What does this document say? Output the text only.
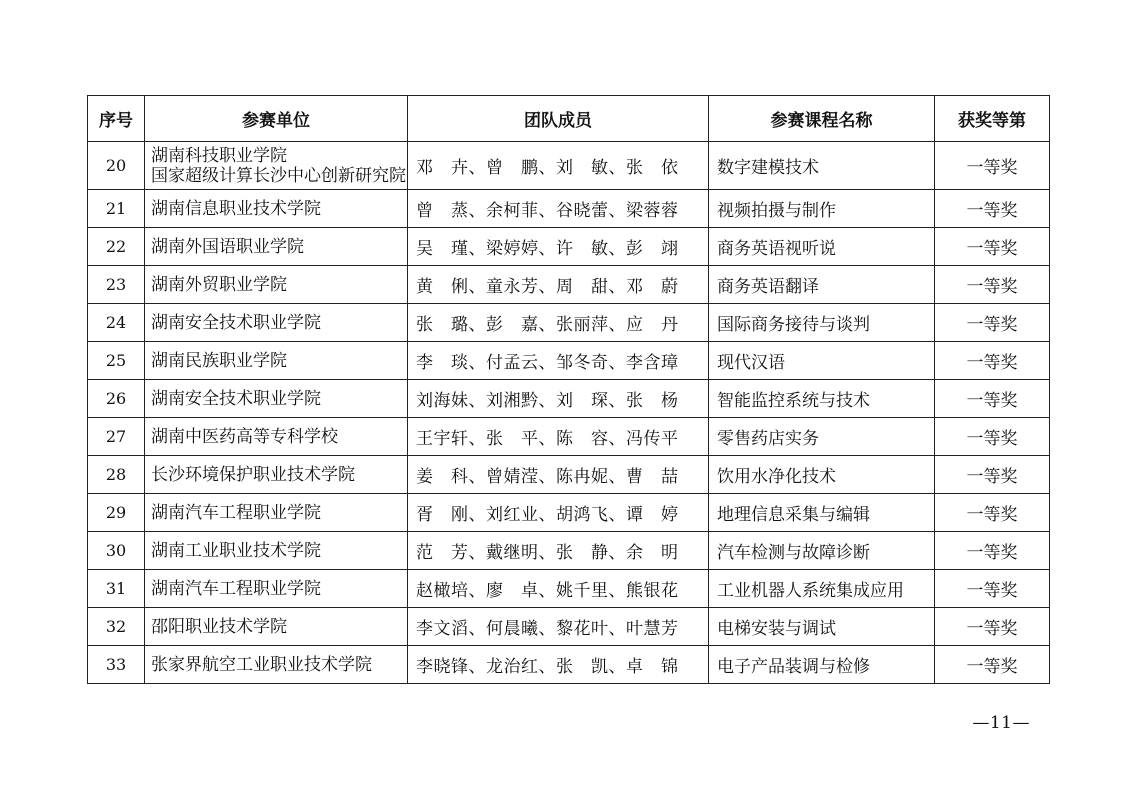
序号	参赛单位	团队成员	参赛课程名称	获奖等第
20	湖南科技职业学院
国家超级计算长沙中心创新研究院	邓　卉、曾　鹏、刘　敏、张　依	数字建模技术	一等奖
21	湖南信息职业技术学院	曾　蒸、余柯菲、谷晓蕾、梁蓉蓉	视频拍摄与制作	一等奖
22	湖南外国语职业学院	吴　瑾、梁婷婷、许　敏、彭　翊	商务英语视听说	一等奖
23	湖南外贸职业学院	黄　俐、童永芳、周　甜、邓　蔚	商务英语翻译	一等奖
24	湖南安全技术职业学院	张　璐、彭　嘉、张丽萍、应　丹	国际商务接待与谈判	一等奖
25	湖南民族职业学院	李　琰、付孟云、邹冬奇、李含璋	现代汉语	一等奖
26	湖南安全技术职业学院	刘海妹、刘湘黔、刘　琛、张　杨	智能监控系统与技术	一等奖
27	湖南中医药高等专科学校	王宇轩、张　平、陈　容、冯传平	零售药店实务	一等奖
28	长沙环境保护职业技术学院	姜　科、曾婧滢、陈冉妮、曹　喆	饮用水净化技术	一等奖
29	湖南汽车工程职业学院	胥　刚、刘红业、胡鸿飞、谭　婷	地理信息采集与编辑	一等奖
30	湖南工业职业技术学院	范　芳、戴继明、张　静、余　明	汽车检测与故障诊断	一等奖
31	湖南汽车工程职业学院	赵橄培、廖　卓、姚千里、熊银花	工业机器人系统集成应用	一等奖
32	邵阳职业技术学院	李文滔、何晨曦、黎花叶、叶慧芳	电梯安装与调试	一等奖
33	张家界航空工业职业技术学院	李晓锋、龙治红、张　凯、卓　锦	电子产品装调与检修	一等奖
—11—
